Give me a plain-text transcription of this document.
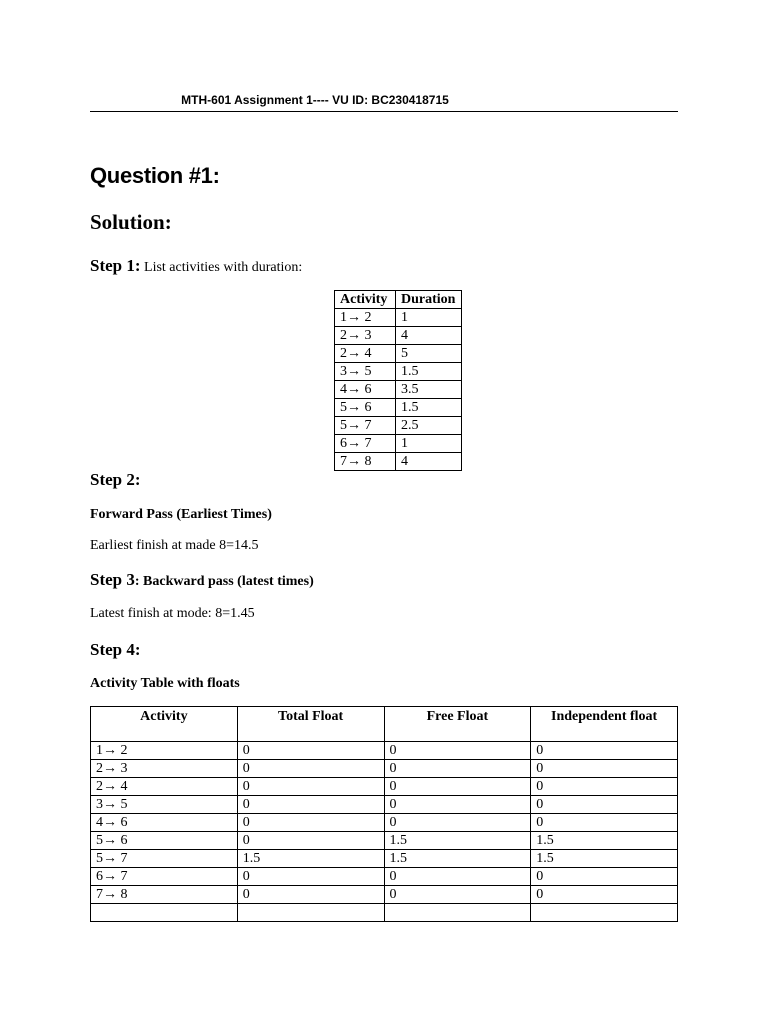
MTH-601 Assignment 1---- VU ID: BC230418715
Question #1:
Solution:
Step 1: List activities with duration:
Activity	Duration
1→ 2	1
2→ 3	4
2→ 4	5
3→ 5	1.5
4→ 6	3.5
5→ 6	1.5
5→ 7	2.5
6→ 7	1
7→ 8	4
Step 2:
Forward Pass (Earliest Times)
Earliest finish at made 8=14.5
Step 3: Backward pass (latest times)
Latest finish at mode: 8=1.45
Step 4:
Activity Table with floats
Activity	Total Float	Free Float	Independent float
1→ 2	0	0	0
2→ 3	0	0	0
2→ 4	0	0	0
3→ 5	0	0	0
4→ 6	0	0	0
5→ 6	0	1.5	1.5
5→ 7	1.5	1.5	1.5
6→ 7	0	0	0
7→ 8	0	0	0
